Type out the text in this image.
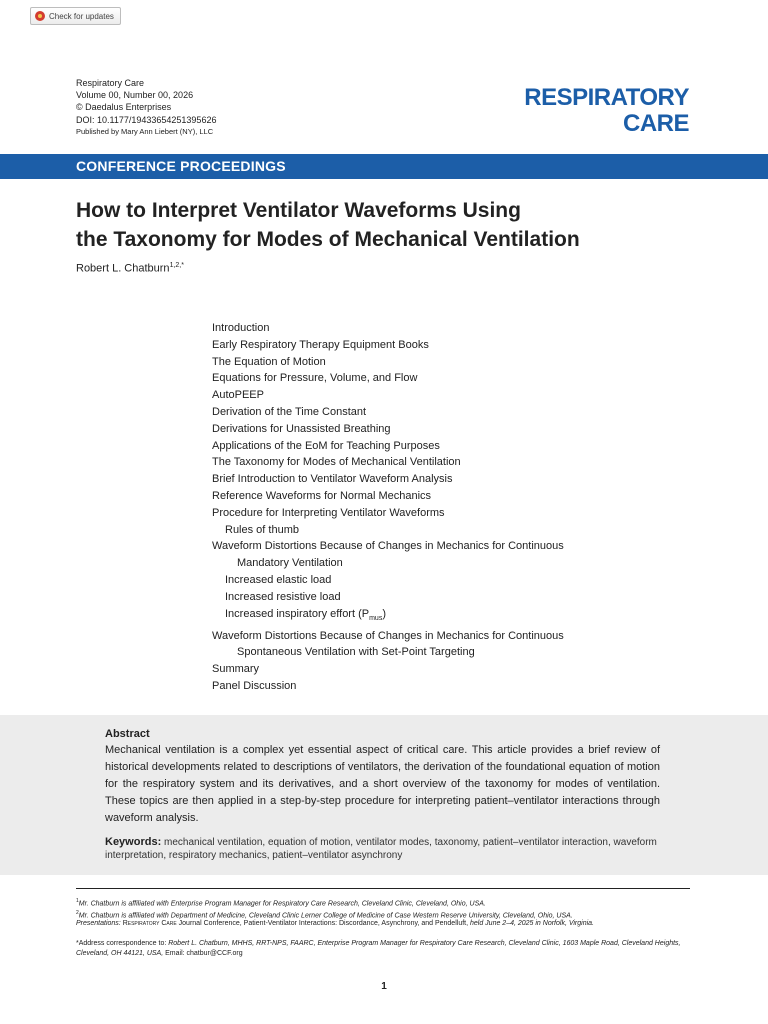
Check for updates
Respiratory Care
Volume 00, Number 00, 2026
© Daedalus Enterprises
DOI: 10.1177/19433654251395626
Published by Mary Ann Liebert (NY), LLC
RESPIRATORY
CARE
CONFERENCE PROCEEDINGS
How to Interpret Ventilator Waveforms Using
the Taxonomy for Modes of Mechanical Ventilation
Robert L. Chatburn$^{1,2,*}$
Introduction
Early Respiratory Therapy Equipment Books
The Equation of Motion
Equations for Pressure, Volume, and Flow
AutoPEEP
Derivation of the Time Constant
Derivations for Unassisted Breathing
Applications of the EoM for Teaching Purposes
The Taxonomy for Modes of Mechanical Ventilation
Brief Introduction to Ventilator Waveform Analysis
Reference Waveforms for Normal Mechanics
Procedure for Interpreting Ventilator Waveforms
Rules of thumb
Waveform Distortions Because of Changes in Mechanics for Continuous
Mandatory Ventilation
Increased elastic load
Increased resistive load
Increased inspiratory effort $(P_{mus})$
Waveform Distortions Because of Changes in Mechanics for Continuous
Spontaneous Ventilation with Set-Point Targeting
Summary
Panel Discussion
Abstract
Mechanical ventilation is a complex yet essential aspect of critical care. This article provides a brief review of historical developments related to descriptions of ventilators, the derivation of the foundational equation of motion for the respiratory system and its derivatives, and a short overview of the taxonomy for modes of ventilation. These topics are then applied in a step-by-step procedure for interpreting patient–ventilator interactions through waveform analysis.
Keywords: mechanical ventilation, equation of motion, ventilator modes, taxonomy, patient–ventilator interaction, waveform interpretation, respiratory mechanics, patient–ventilator asynchrony
$^1$Mr. Chatburn is affiliated with Enterprise Program Manager for Respiratory Care Research, Cleveland Clinic, Cleveland, Ohio, USA.
$^2$Mr. Chatburn is affiliated with Department of Medicine, Cleveland Clinic Lerner College of Medicine of Case Western Reserve University, Cleveland, Ohio, USA.
Presentations: Respiratory Care Journal Conference, Patient-Ventilator Interactions: Discordance, Asynchrony, and Pendelluft, held June 2–4, 2025 in Norfolk, Virginia.
*Address correspondence to: Robert L. Chatburn, MHHS, RRT-NPS, FAARC, Enterprise Program Manager for Respiratory Care Research, Cleveland Clinic, 1603 Maple Road, Cleveland Heights, Cleveland, OH 44121, USA, Email: chatbur@CCF.org
1
